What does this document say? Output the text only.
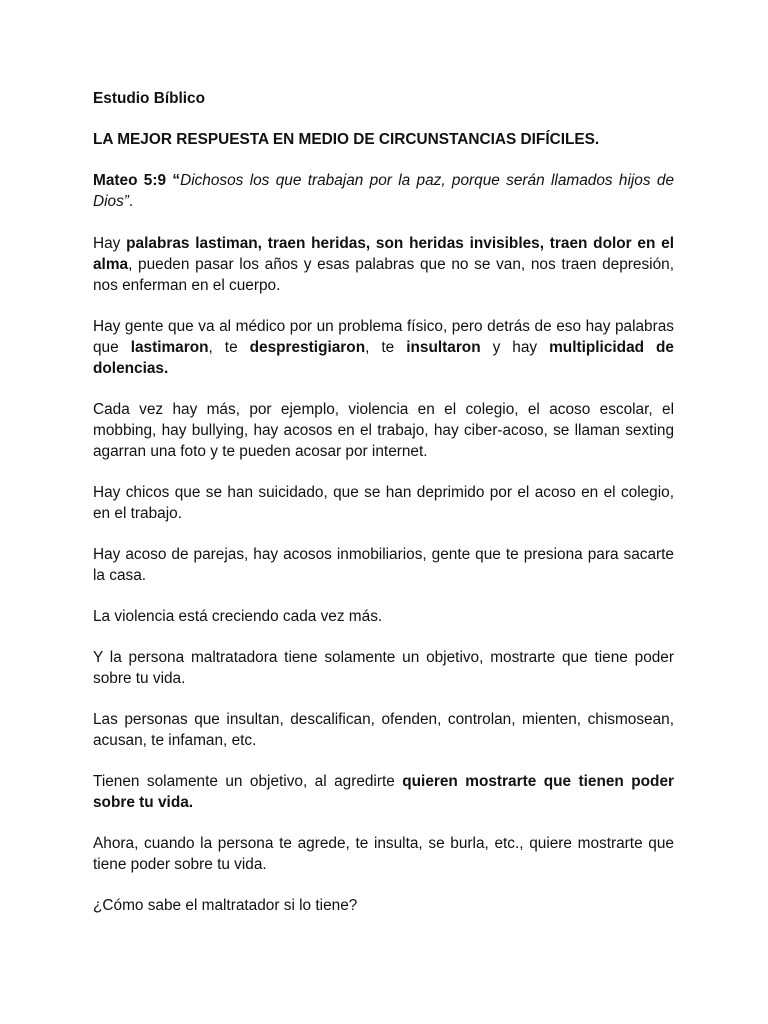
Estudio Bíblico

LA MEJOR RESPUESTA EN MEDIO DE CIRCUNSTANCIAS DIFÍCILES.

Mateo 5:9 “Dichosos los que trabajan por la paz, porque serán llamados hijos de Dios”.

Hay palabras lastiman, traen heridas, son heridas invisibles, traen dolor en el alma, pueden pasar los años y esas palabras que no se van, nos traen depresión, nos enferman en el cuerpo.

Hay gente que va al médico por un problema físico, pero detrás de eso hay palabras que lastimaron, te desprestigiaron, te insultaron y hay multiplicidad de dolencias.

Cada vez hay más, por ejemplo, violencia en el colegio, el acoso escolar, el mobbing, hay bullying, hay acosos en el trabajo, hay ciber-acoso, se llaman sexting agarran una foto y te pueden acosar por internet.

Hay chicos que se han suicidado, que se han deprimido por el acoso en el colegio, en el trabajo.

Hay acoso de parejas, hay acosos inmobiliarios, gente que te presiona para sacarte la casa.

La violencia está creciendo cada vez más.

Y la persona maltratadora tiene solamente un objetivo, mostrarte que tiene poder sobre tu vida.

Las personas que insultan, descalifican, ofenden, controlan, mienten, chismosean, acusan, te infaman, etc.

Tienen solamente un objetivo, al agredirte quieren mostrarte que tienen poder sobre tu vida.

Ahora, cuando la persona te agrede, te insulta, se burla, etc., quiere mostrarte que tiene poder sobre tu vida.

¿Cómo sabe el maltratador si lo tiene?
